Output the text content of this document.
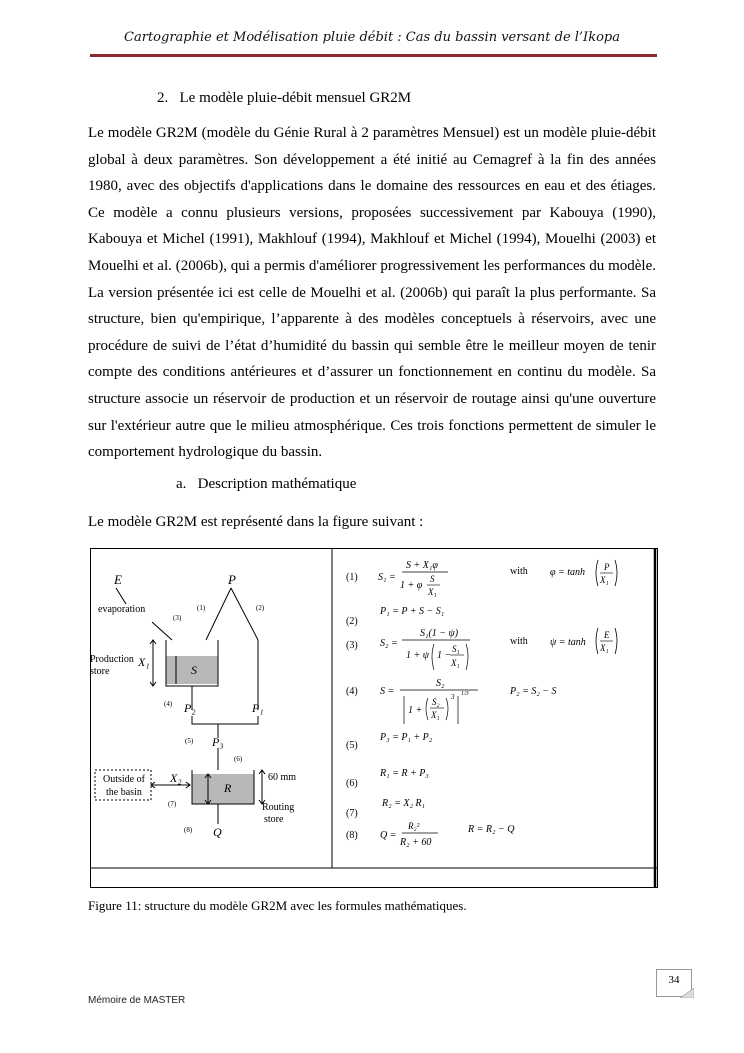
Cartographie et Modélisation pluie débit : Cas du bassin versant de l’Ikopa
2.   Le modèle pluie-débit mensuel GR2M
Le modèle GR2M (modèle du Génie Rural à 2 paramètres Mensuel) est un modèle pluie-débit global à deux paramètres. Son développement a été initié au Cemagref à la fin des années 1980, avec des objectifs d'applications dans le domaine des ressources en eau et des étiages. Ce modèle a connu plusieurs versions, proposées successivement par Kabouya (1990), Kabouya et Michel (1991), Makhlouf (1994), Makhlouf et Michel (1994), Mouelhi (2003) et Mouelhi et al. (2006b), qui a permis d'améliorer progressivement les performances du modèle. La version présentée ici est celle de Mouelhi et al. (2006b) qui paraît la plus performante. Sa structure, bien qu'empirique, l’apparente à des modèles conceptuels à réservoirs, avec une procédure de suivi de l’état d’humidité du bassin qui semble être le meilleur moyen de tenir compte des conditions antérieures et d’assurer un fonctionnement en continu du modèle. Sa structure associe un réservoir de production et un réservoir de routage ainsi qu'une ouverture sur l'extérieur autre que le milieu atmosphérique. Ces trois fonctions permettent de simuler le comportement hydrologique du bassin.
a.   Description mathématique
Le modèle GR2M est représenté dans la figure suivant :
E	P
evaporation	(1)	(2)
(3)
Production
store
X₁
S
(4) P₂	P₁
(5) P₃
(6)
Outside of
the basin
X₂
(7)
R
60 mm
Routing
store
(8) Q
(1)
(2)
(3)
(4)
(5)
(6)
(7)
(8)
S₁ =
S + X₁φ
1 + φ
S
X₁
with φ = tanh P
X₁
P₁ = P + S − S₁
S₂ =
S₁(1 − ψ)
1 + ψ 1 −
S₁
X₁
with ψ = tanh
E
X₁
S =
S₂
1 +
S₂
X₁
3 1/3	P₂ = S₂ − S
P₃ = P₁ + P₂
R₁ = R + P₃
R₂ = X₂ R₁
Q =
R₂²
R₂ + 60
R = R₂ − Q
Figure 11: structure du modèle GR2M avec les formules mathématiques.
34
Mémoire de MASTER
